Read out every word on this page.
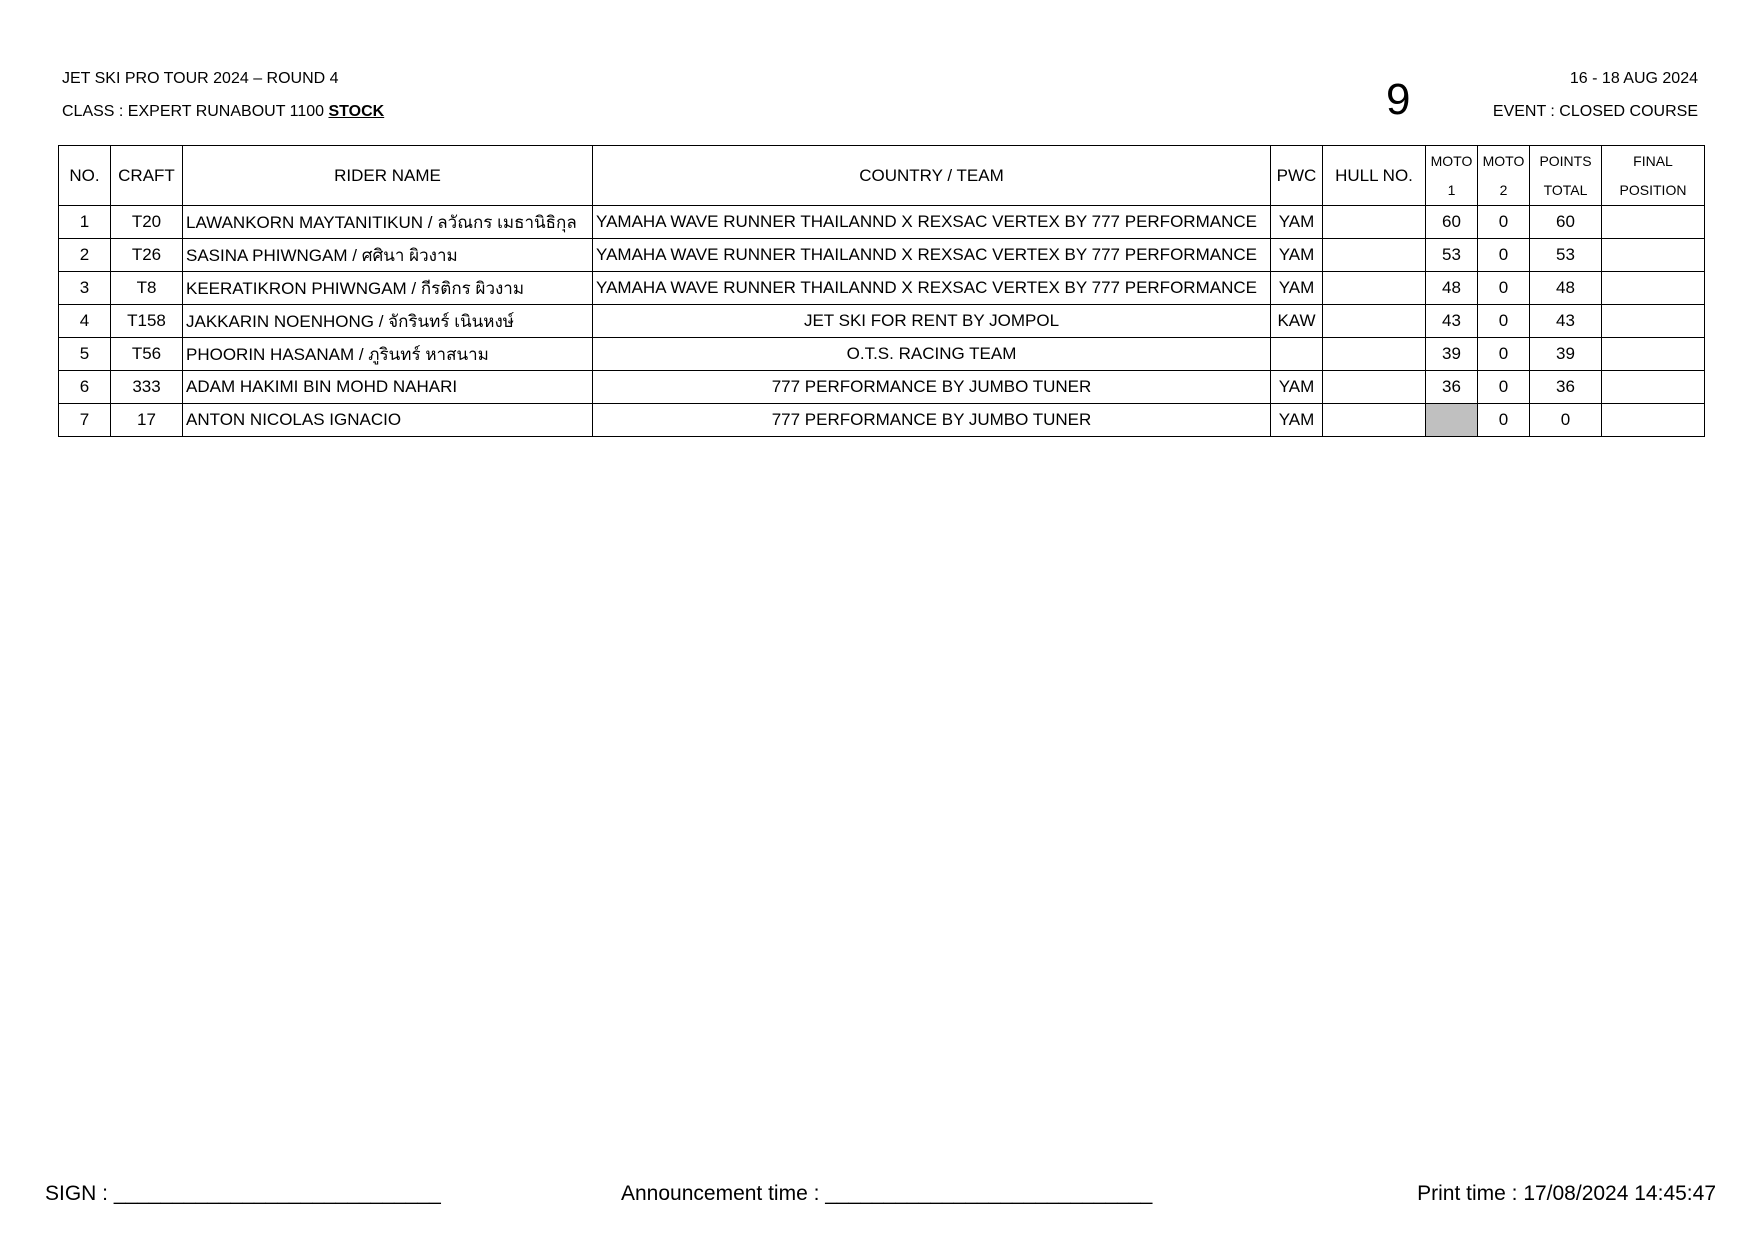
JET SKI PRO TOUR 2024 – ROUND 4
CLASS : EXPERT RUNABOUT 1100 STOCK	9	16 - 18 AUG 2024
EVENT : CLOSED COURSE
NO.	CRAFT	RIDER NAME	COUNTRY / TEAM	PWC	HULL NO.	MOTO	MOTO	POINTS	FINAL
						1	2	TOTAL	POSITION
1	T20	LAWANKORN MAYTANITIKUN / ลวัณกร เมธานิธิกุล	YAMAHA WAVE RUNNER THAILANND X REXSAC VERTEX BY 777 PERFORMANCE	YAM		60	0	60	
2	T26	SASINA PHIWNGAM / ศศินา ผิวงาม	YAMAHA WAVE RUNNER THAILANND X REXSAC VERTEX BY 777 PERFORMANCE	YAM		53	0	53	
3	T8	KEERATIKRON PHIWNGAM / กีรติกร ผิวงาม	YAMAHA WAVE RUNNER THAILANND X REXSAC VERTEX BY 777 PERFORMANCE	YAM		48	0	48	
4	T158	JAKKARIN NOENHONG / จักรินทร์ เนินหงษ์	JET SKI FOR RENT BY JOMPOL	KAW		43	0	43	
5	T56	PHOORIN HASANAM / ภูรินทร์ หาสนาม	O.T.S. RACING TEAM			39	0	39	
6	333	ADAM HAKIMI BIN MOHD NAHARI	777 PERFORMANCE BY JUMBO TUNER	YAM		36	0	36	
7	17	ANTON NICOLAS IGNACIO	777 PERFORMANCE BY JUMBO TUNER	YAM			0	0	
SIGN : ____________________________	Announcement time : ____________________________	Print time : 17/08/2024 14:45:47
